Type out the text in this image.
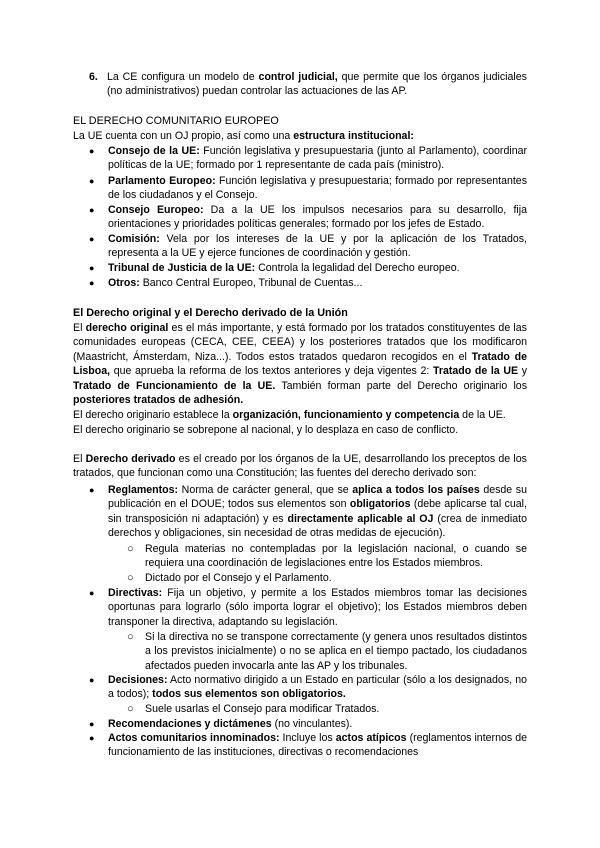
6. La CE configura un modelo de control judicial, que permite que los órganos judiciales (no administrativos) puedan controlar las actuaciones de las AP.

EL DERECHO COMUNITARIO EUROPEO

La UE cuenta con un OJ propio, así como una estructura institucional:

● Consejo de la UE: Función legislativa y presupuestaria (junto al Parlamento), coordinar políticas de la UE; formado por 1 representante de cada país (ministro).

● Parlamento Europeo: Función legislativa y presupuestaria; formado por representantes de los ciudadanos y el Consejo.

● Consejo Europeo: Da a la UE los impulsos necesarios para su desarrollo, fija orientaciones y prioridades políticas generales; formado por los jefes de Estado.

● Comisión: Vela por los intereses de la UE y por la aplicación de los Tratados, representa a la UE y ejerce funciones de coordinación y gestión.

● Tribunal de Justicia de la UE: Controla la legalidad del Derecho europeo.

● Otros: Banco Central Europeo, Tribunal de Cuentas...

El Derecho original y el Derecho derivado de la Unión

El derecho original es el más importante, y está formado por los tratados constituyentes de las comunidades europeas (CECA, CEE, CEEA) y los posteriores tratados que los modificaron (Maastricht, Ámsterdam, Niza...). Todos estos tratados quedaron recogidos en el Tratado de Lisboa, que aprueba la reforma de los textos anteriores y deja vigentes 2: Tratado de la UE y Tratado de Funcionamiento de la UE. También forman parte del Derecho originario los posteriores tratados de adhesión.

El derecho originario establece la organización, funcionamiento y competencia de la UE.

El derecho originario se sobrepone al nacional, y lo desplaza en caso de conflicto.

El Derecho derivado es el creado por los órganos de la UE, desarrollando los preceptos de los tratados, que funcionan como una Constitución; las fuentes del derecho derivado son:

● Reglamentos: Norma de carácter general, que se aplica a todos los países desde su publicación en el DOUE; todos sus elementos son obligatorios (debe aplicarse tal cual, sin transposición ni adaptación) y es directamente aplicable al OJ (crea de inmediato derechos y obligaciones, sin necesidad de otras medidas de ejecución).

○ Regula materias no contempladas por la legislación nacional, o cuando se requiera una coordinación de legislaciones entre los Estados miembros.

○ Dictado por el Consejo y el Parlamento.

● Directivas: Fija un objetivo, y permite a los Estados miembros tomar las decisiones oportunas para lograrlo (sólo importa lograr el objetivo); los Estados miembros deben transponer la directiva, adaptando su legislación.

○ Si la directiva no se transpone correctamente (y genera unos resultados distintos a los previstos inicialmente) o no se aplica en el tiempo pactado, los ciudadanos afectados pueden invocarla ante las AP y los tribunales.

● Decisiones: Acto normativo dirigido a un Estado en particular (sólo a los designados, no a todos); todos sus elementos son obligatorios.

○ Suele usarlas el Consejo para modificar Tratados.

● Recomendaciones y dictámenes (no vinculantes).

● Actos comunitarios innominados: Incluye los actos atípicos (reglamentos internos de funcionamiento de las instituciones, directivas o recomendaciones
